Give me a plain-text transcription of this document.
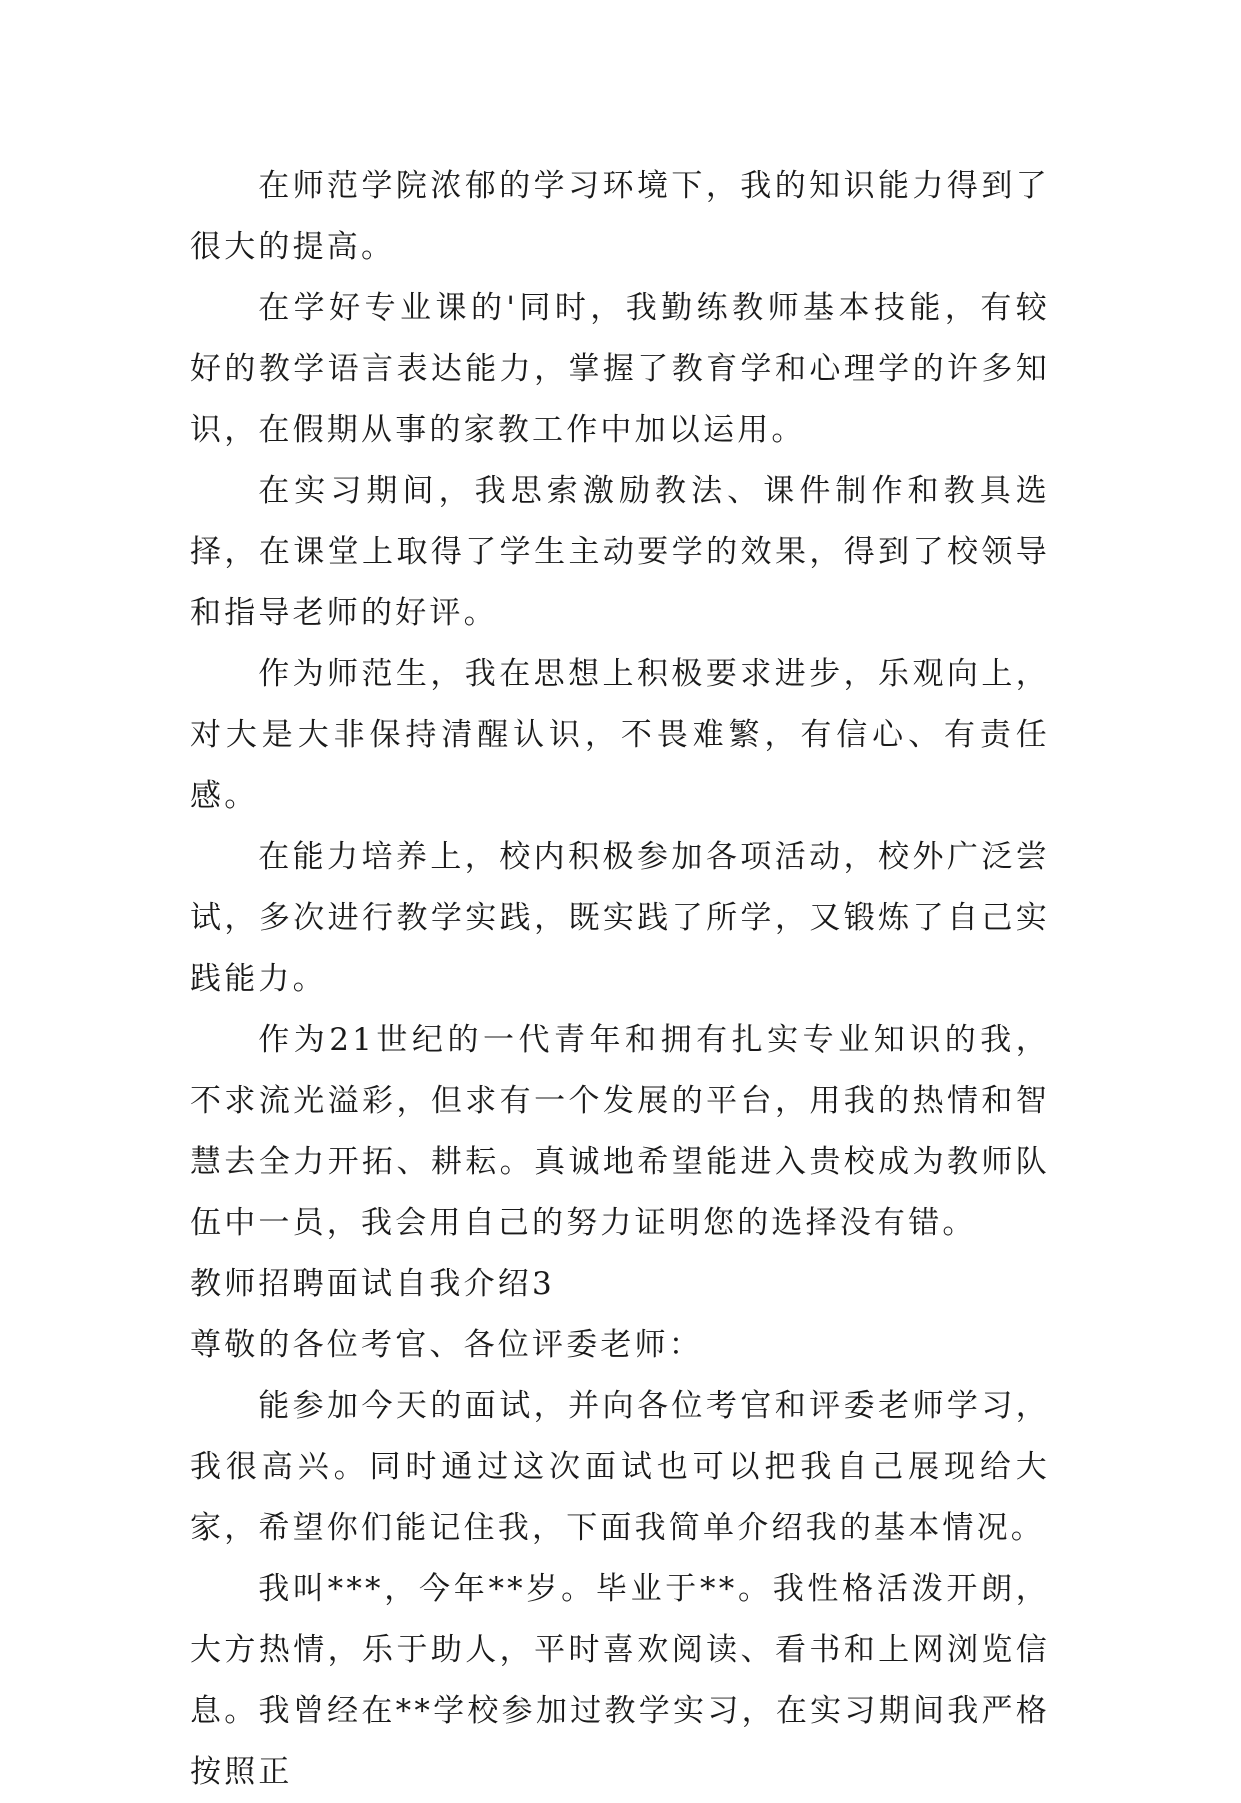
在师范学院浓郁的学习环境下，我的知识能力得到了很大的提高。

在学好专业课的'同时，我勤练教师基本技能，有较好的教学语言表达能力，掌握了教育学和心理学的许多知识，在假期从事的家教工作中加以运用。

在实习期间，我思索激励教法、课件制作和教具选择，在课堂上取得了学生主动要学的效果，得到了校领导和指导老师的好评。

作为师范生，我在思想上积极要求进步，乐观向上，对大是大非保持清醒认识，不畏难繁，有信心、有责任感。

在能力培养上，校内积极参加各项活动，校外广泛尝试，多次进行教学实践，既实践了所学，又锻炼了自己实践能力。

作为21世纪的一代青年和拥有扎实专业知识的我，不求流光溢彩，但求有一个发展的平台，用我的热情和智慧去全力开拓、耕耘。真诚地希望能进入贵校成为教师队伍中一员，我会用自己的努力证明您的选择没有错。

教师招聘面试自我介绍3

尊敬的各位考官、各位评委老师：

能参加今天的面试，并向各位考官和评委老师学习，我很高兴。同时通过这次面试也可以把我自己展现给大家，希望你们能记住我，下面我简单介绍我的基本情况。

我叫***，今年**岁。毕业于**。我性格活泼开朗，大方热情，乐于助人，平时喜欢阅读、看书和上网浏览信息。我曾经在**学校参加过教学实习，在实习期间我严格按照正
